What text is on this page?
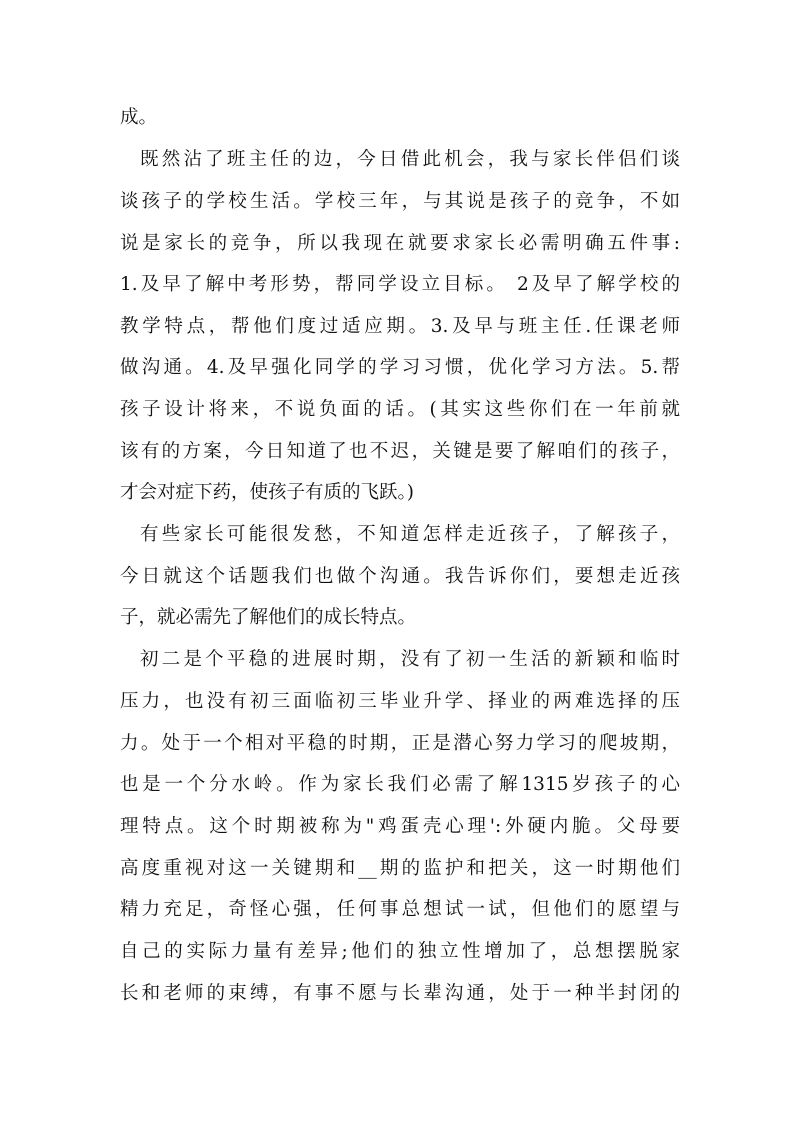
成。
既然沾了班主任的边，今日借此机会，我与家长伴侣们谈
谈孩子的学校生活。学校三年，与其说是孩子的竞争，不如
说是家长的竞争，所以我现在就要求家长必需明确五件事:
1.及早了解中考形势，帮同学设立目标。 2及早了解学校的
教学特点，帮他们度过适应期。3.及早与班主任.任课老师
做沟通。4.及早强化同学的学习习惯，优化学习方法。5.帮
孩子设计将来，不说负面的话。(其实这些你们在一年前就
该有的方案，今日知道了也不迟，关键是要了解咱们的孩子，
才会对症下药，使孩子有质的飞跃。)
有些家长可能很发愁，不知道怎样走近孩子，了解孩子，
今日就这个话题我们也做个沟通。我告诉你们，要想走近孩
子，就必需先了解他们的成长特点。
初二是个平稳的进展时期，没有了初一生活的新颖和临时
压力，也没有初三面临初三毕业升学、择业的两难选择的压
力。处于一个相对平稳的时期，正是潜心努力学习的爬坡期，
也是一个分水岭。作为家长我们必需了解1315岁孩子的心
理特点。这个时期被称为"鸡蛋壳心理':外硬内脆。父母要
高度重视对这一关键期和__期的监护和把关，这一时期他们
精力充足，奇怪心强，任何事总想试一试，但他们的愿望与
自己的实际力量有差异;他们的独立性增加了，总想摆脱家
长和老师的束缚，有事不愿与长辈沟通，处于一种半封闭的
